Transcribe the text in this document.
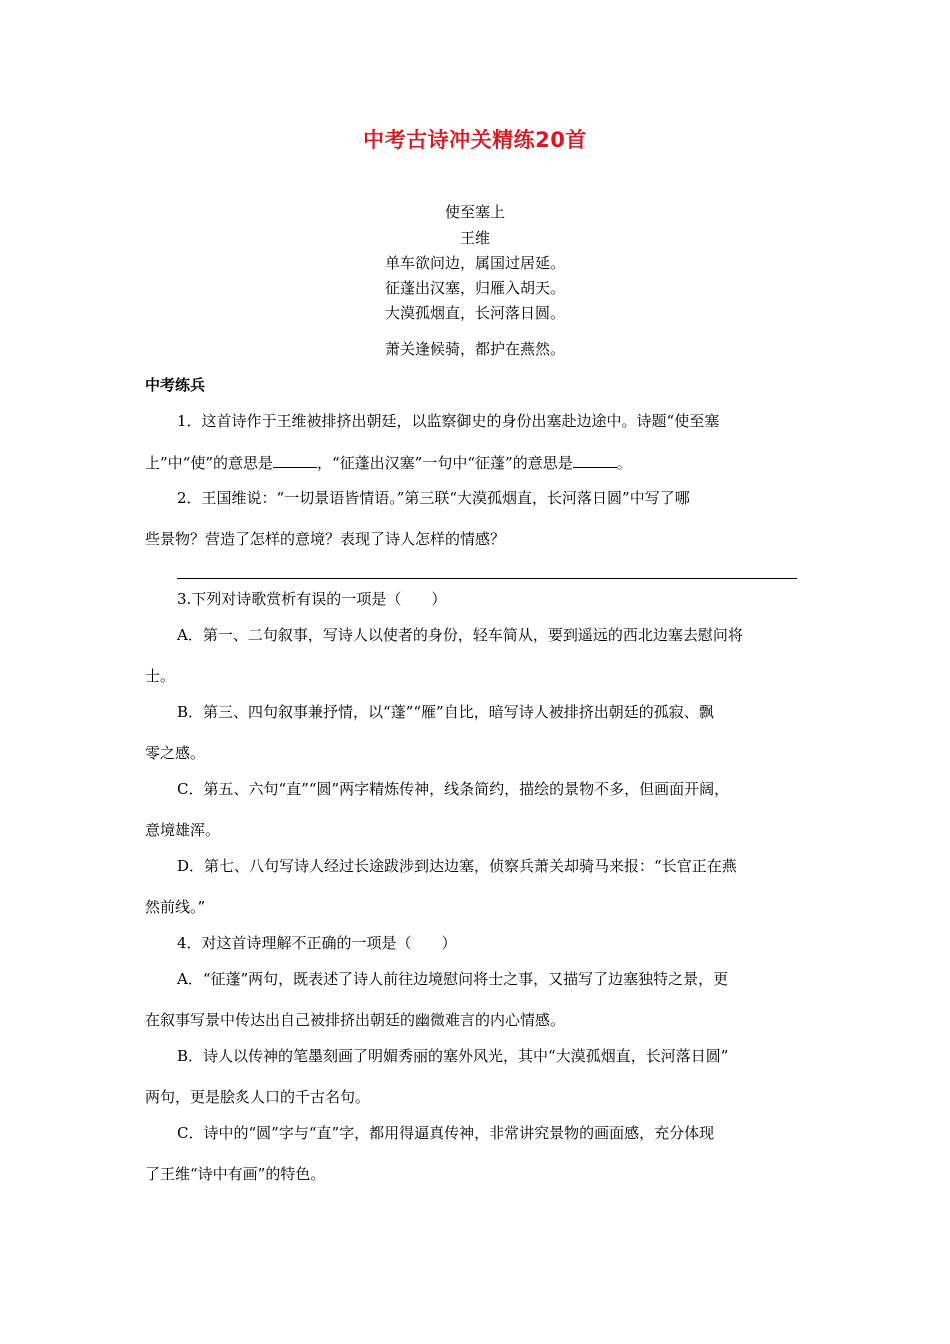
中考古诗冲关精练20首
使至塞上
王维
单车欲问边，属国过居延。
征蓬出汉塞，归雁入胡天。
大漠孤烟直，长河落日圆。
萧关逢候骑，都护在燕然。
中考练兵
1．这首诗作于王维被排挤出朝廷，以监察御史的身份出塞赴边途中。诗题“使至塞
上”中“使”的意思是	，“征蓬出汉塞”一句中“征蓬”的意思是	。
2．王国维说：“一切景语皆情语。”第三联“大漠孤烟直，长河落日圆”中写了哪
些景物？营造了怎样的意境？表现了诗人怎样的情感？
3.下列对诗歌赏析有误的一项是（　　）
A．第一、二句叙事，写诗人以使者的身份，轻车简从，要到遥远的西北边塞去慰问将
士。
B．第三、四句叙事兼抒情，以“蓬”“雁”自比，暗写诗人被排挤出朝廷的孤寂、飘
零之感。
C．第五、六句“直”“圆”两字精炼传神，线条简约，描绘的景物不多，但画面开阔，
意境雄浑。
D．第七、八句写诗人经过长途跋涉到达边塞，侦察兵萧关却骑马来报：“长官正在燕
然前线。”
4．对这首诗理解不正确的一项是（　　）
A．“征蓬”两句，既表述了诗人前往边境慰问将士之事，又描写了边塞独特之景，更
在叙事写景中传达出自己被排挤出朝廷的幽微难言的内心情感。
B．诗人以传神的笔墨刻画了明媚秀丽的塞外风光，其中“大漠孤烟直，长河落日圆”
两句，更是脍炙人口的千古名句。
C．诗中的“圆”字与“直”字，都用得逼真传神，非常讲究景物的画面感，充分体现
了王维“诗中有画”的特色。
